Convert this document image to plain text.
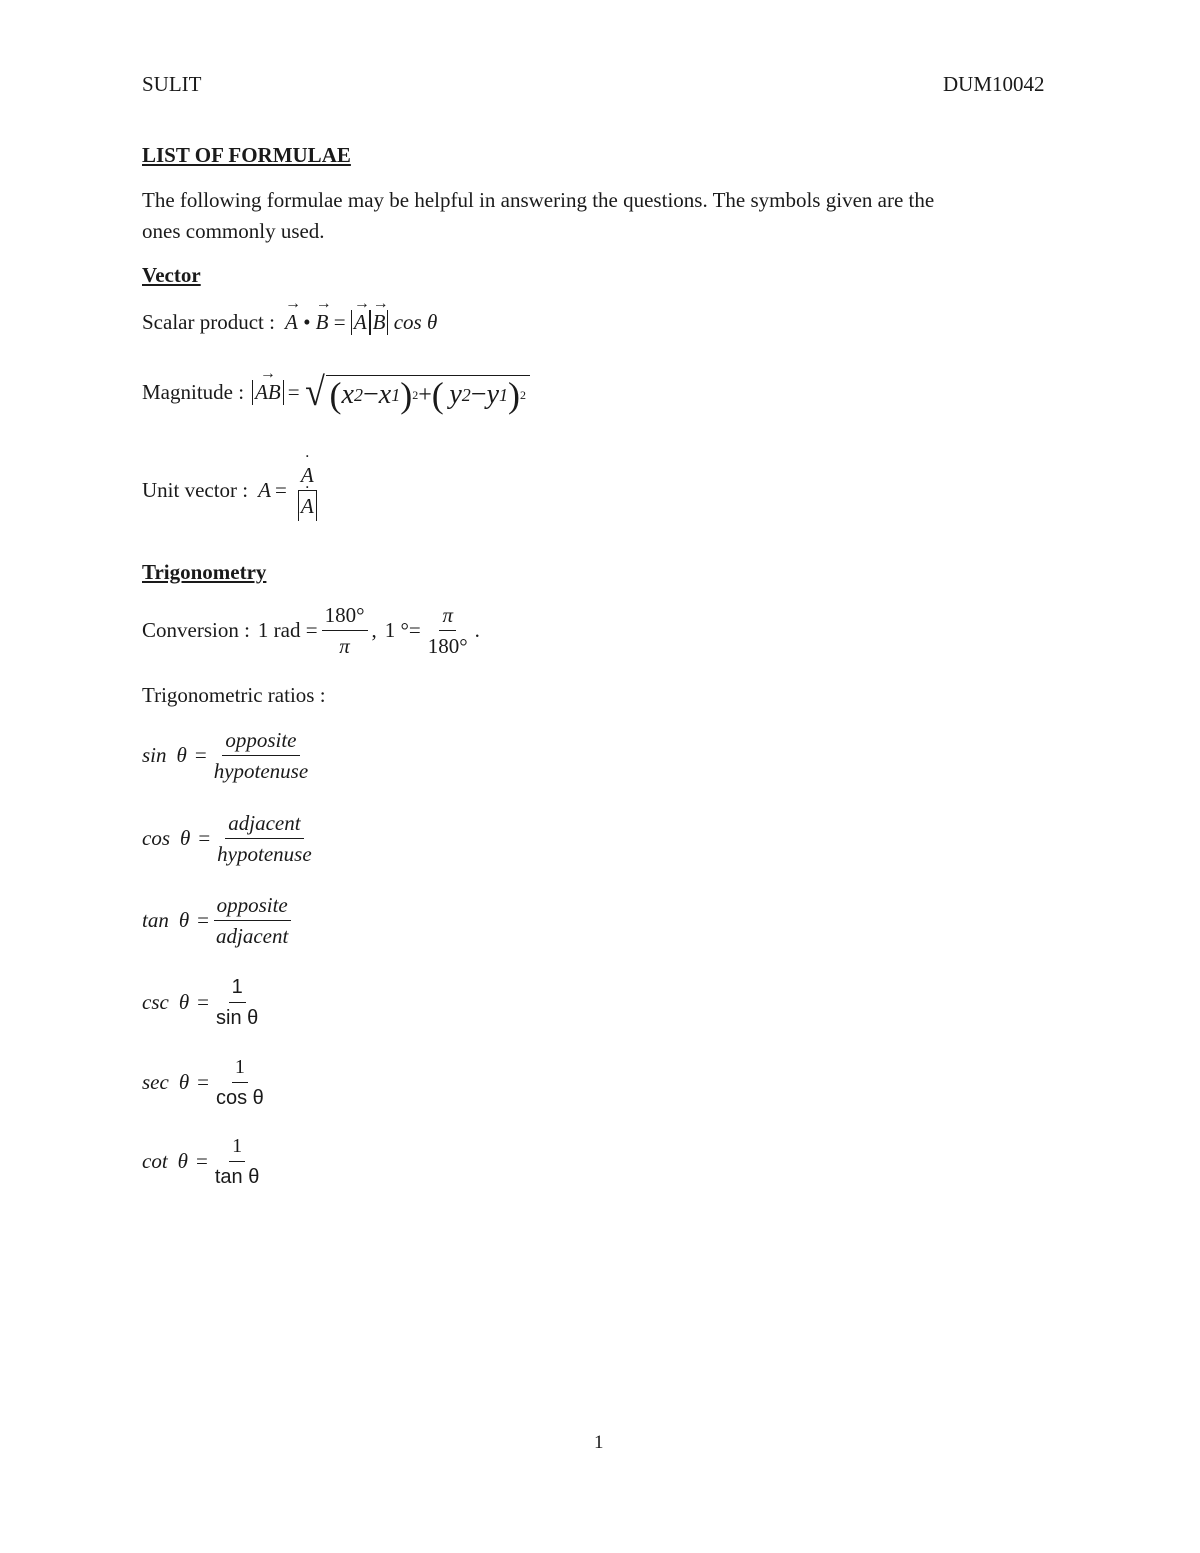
SULIT	DUM10042
LIST OF FORMULAE
The following formulae may be helpful in answering the questions. The symbols given are the
ones commonly used.
Vector
Scalar product : → A • → B = → A → B cos θ
Magnitude : → AB = √ ( x 2 − x 1 ) 2 + (  y 2 − y 1 ) 2
Unit vector : A = ˙ A
˙ A
Trigonometry
Conversion : 1 rad = $\frac{180^\circ}{\pi}$ , 1 °= $\frac{\pi}{180^\circ}$ .
Trigonometric ratios :
$\sin \theta = \frac{\text{opposite}}{\text{hypotenuse}}$
$\cos \theta = \frac{\text{adjacent}}{\text{hypotenuse}}$
$\tan \theta = \frac{\text{opposite}}{\text{adjacent}}$
$\csc \theta = \frac{1}{\text{sin θ}}$
$\sec \theta = \frac{1}{\text{cos θ}}$
$\cot \theta = \frac{1}{\text{tan θ}}$
1
